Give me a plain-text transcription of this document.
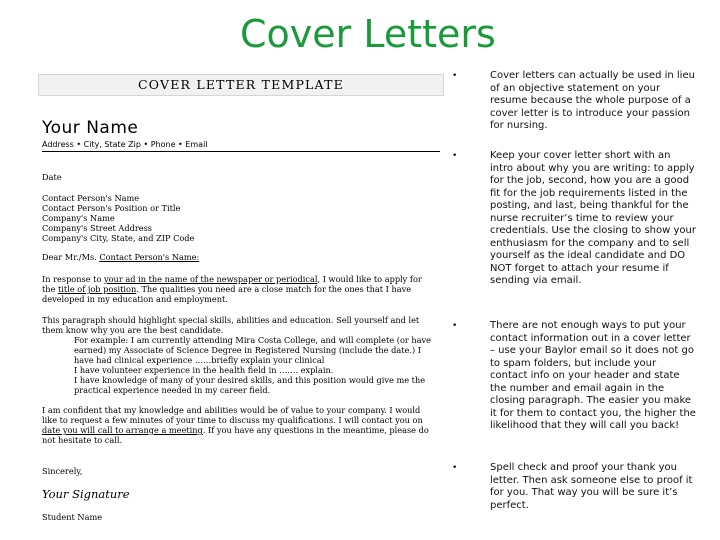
Cover Letters
COVER LETTER TEMPLATE
Your Name
Address • City, State Zip • Phone • Email
Date
Contact Person's Name
Contact Person's Position or Title
Company's Name
Company's Street Address
Company's City, State, and ZIP Code
Dear Mr./Ms. Contact Person's Name:
In response to your ad in the name of the newspaper or periodical, I would like to apply for the title of job position. The qualities you need are a close match for the ones that I have developed in my education and employment.
This paragraph should highlight special skills, abilities and education. Sell yourself and let them know why you are the best candidate.
For example: I am currently attending Mira Costa College, and will complete (or have earned) my Associate of Science Degree in Registered Nursing (include the date.) I have had clinical experience ……briefly explain your clinical
I have volunteer experience in the health field in ……. explain.
I have knowledge of many of your desired skills, and this position would give me the practical experience needed in my career field.
I am confident that my knowledge and abilities would be of value to your company. I would like to request a few minutes of your time to discuss my qualifications. I will contact you on date you will call to arrange a meeting. If you have any questions in the meantime, please do not hesitate to call.
Sincerely,
Your Signature
Student Name
•	Cover letters can actually be used in lieu of an objective statement on your resume because the whole purpose of a cover letter is to introduce your passion for nursing.
•	Keep your cover letter short with an intro about why you are writing: to apply for the job, second, how you are a good fit for the job requirements listed in the posting, and last, being thankful for the nurse recruiter’s time to review your credentials. Use the closing to show your enthusiasm for the company and to sell yourself as the ideal candidate and DO NOT forget to attach your resume if sending via email.
•	There are not enough ways to put your contact information out in a cover letter – use your Baylor email so it does not go to spam folders, but include your contact info on your header and state the number and email again in the closing paragraph. The easier you make it for them to contact you, the higher the likelihood that they will call you back!
•	Spell check and proof your thank you letter. Then ask someone else to proof it for you. That way you will be sure it’s perfect.
